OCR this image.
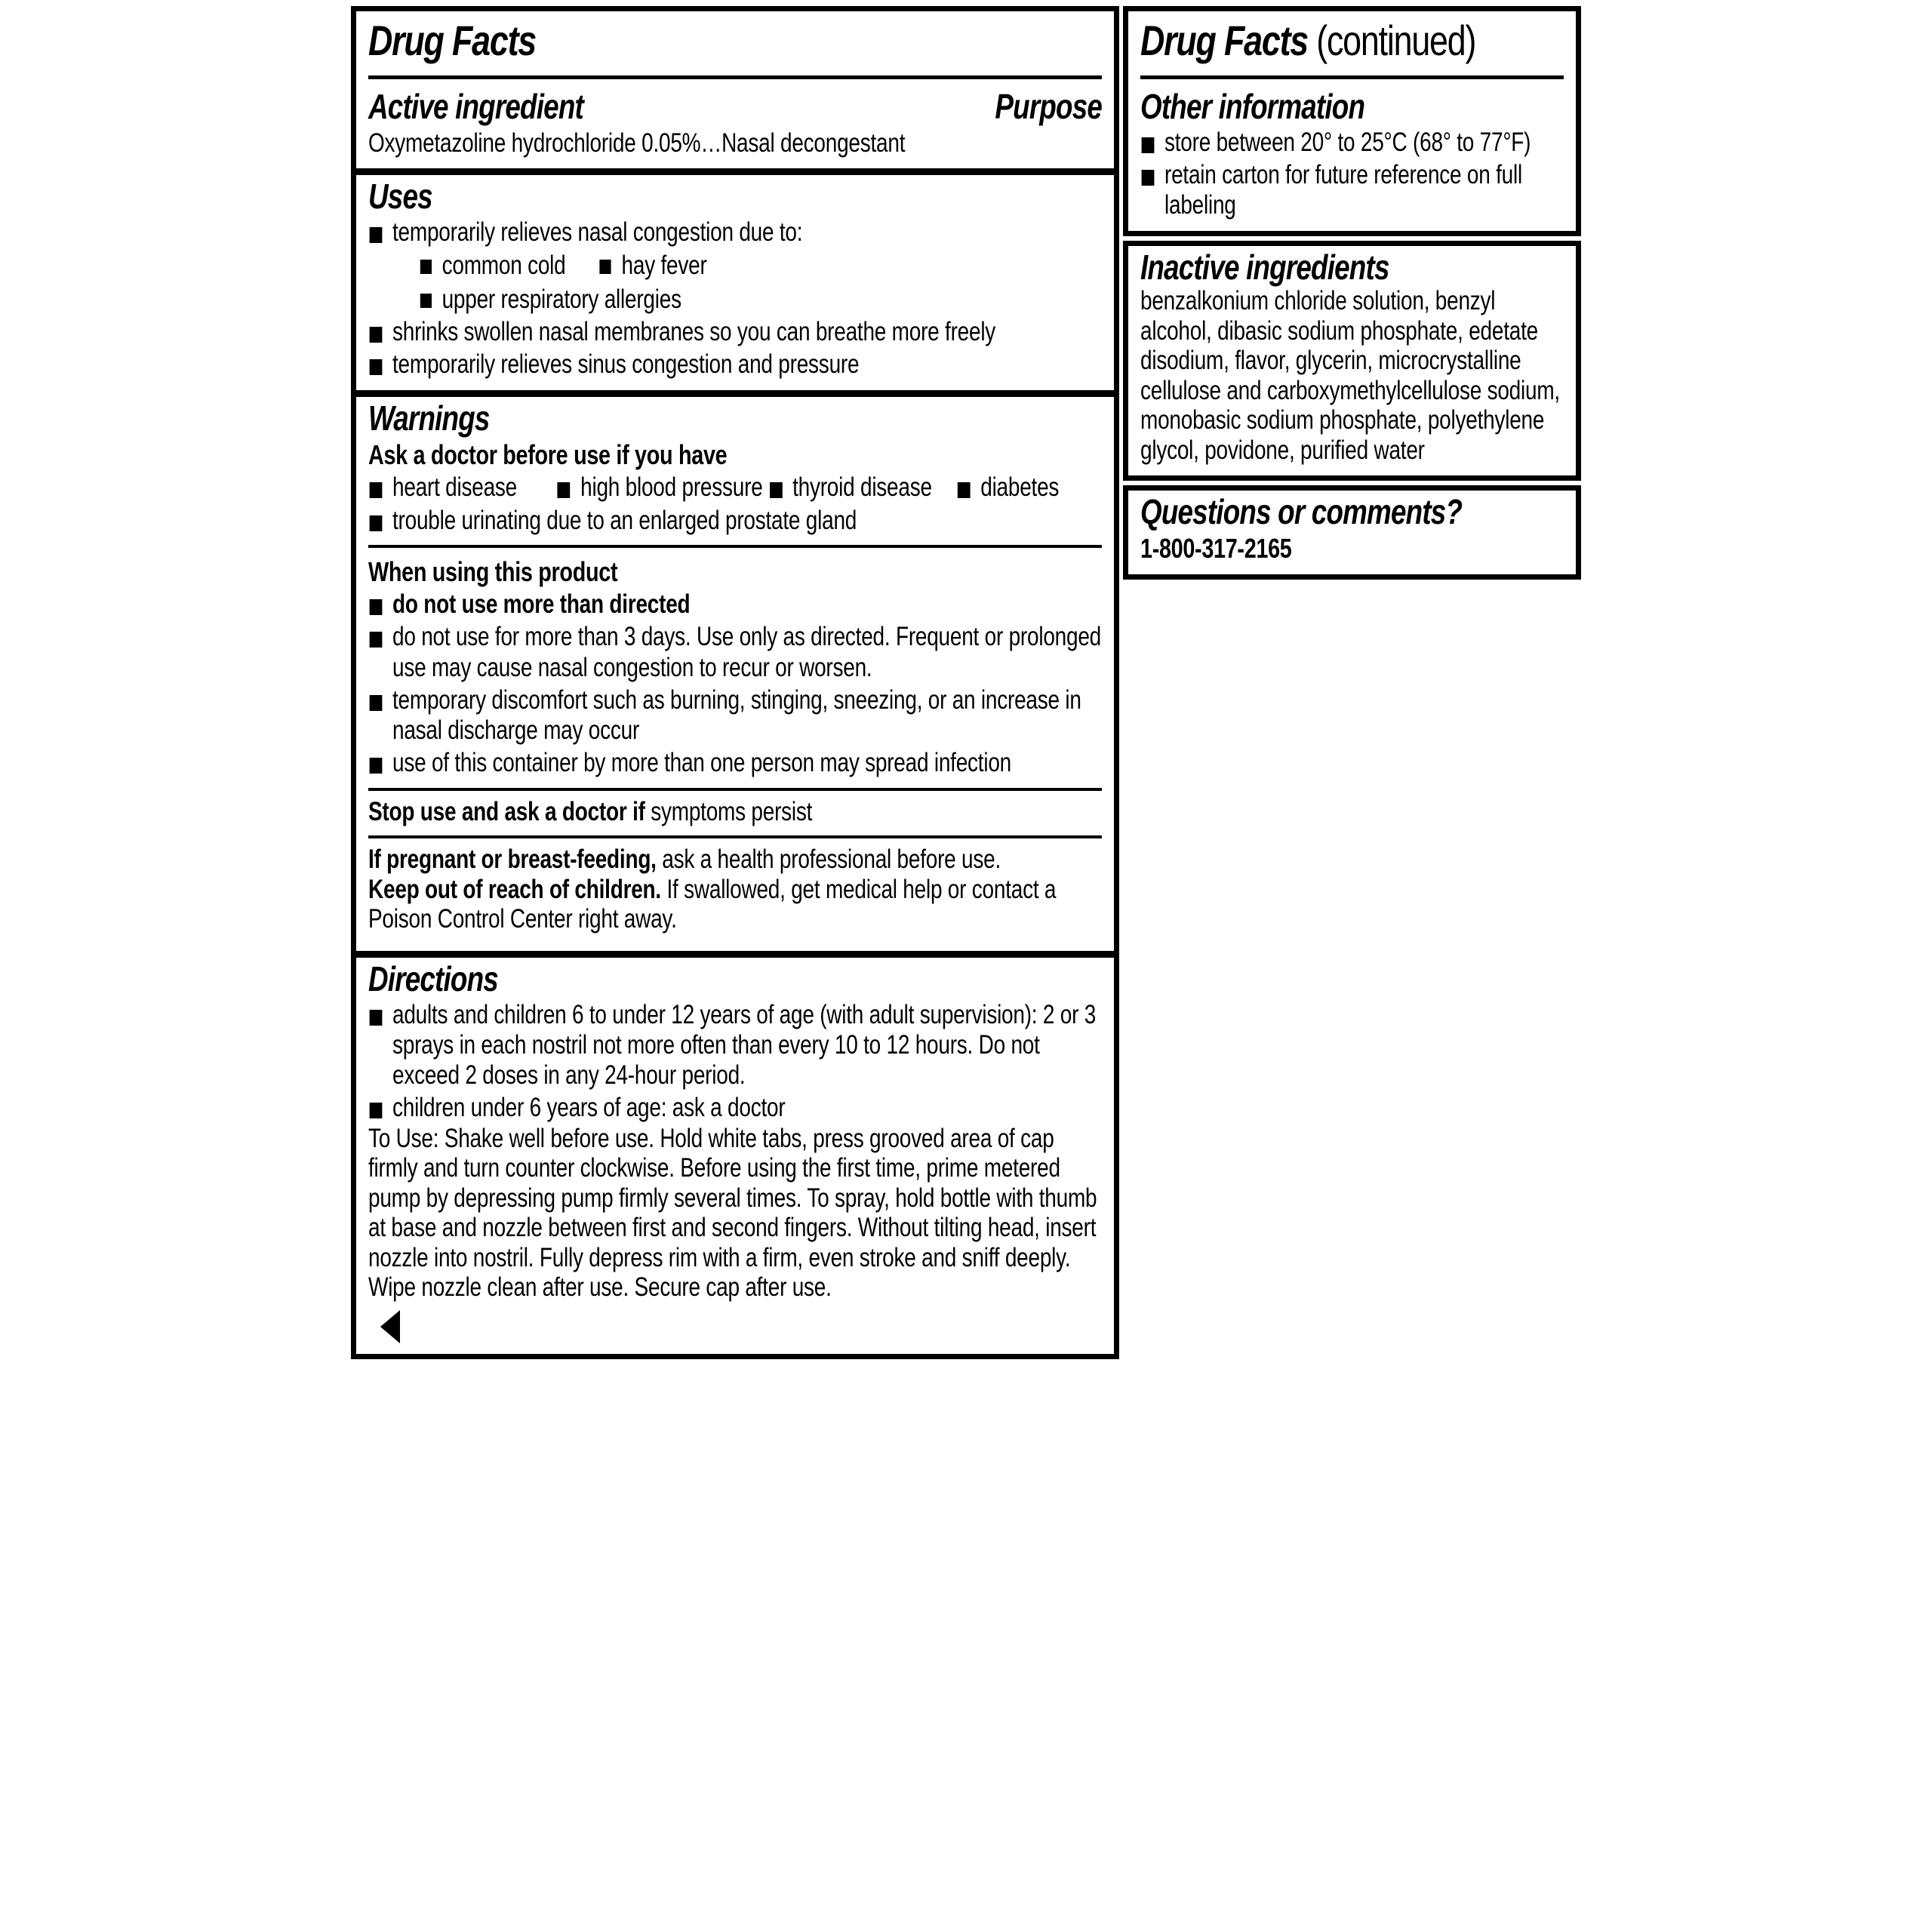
Drug Facts
Active ingredient	Purpose
Oxymetazoline hydrochloride 0.05%…Nasal decongestant
Uses
temporarily relieves nasal congestion due to:
common cold hay fever
upper respiratory allergies
shrinks swollen nasal membranes so you can breathe more freely
temporarily relieves sinus congestion and pressure
Warnings
Ask a doctor before use if you have
heart disease high blood pressure thyroid disease diabetes
trouble urinating due to an enlarged prostate gland
When using this product
do not use more than directed
do not use for more than 3 days. Use only as directed. Frequent or prolonged use may cause nasal congestion to recur or worsen.
temporary discomfort such as burning, stinging, sneezing, or an increase in nasal discharge may occur
use of this container by more than one person may spread infection
Stop use and ask a doctor if symptoms persist
If pregnant or breast-feeding, ask a health professional before use.
Keep out of reach of children. If swallowed, get medical help or contact a Poison Control Center right away.
Directions
adults and children 6 to under 12 years of age (with adult supervision): 2 or 3 sprays in each nostril not more often than every 10 to 12 hours. Do not exceed 2 doses in any 24-hour period.
children under 6 years of age: ask a doctor
To Use: Shake well before use. Hold white tabs, press grooved area of cap firmly and turn counter clockwise. Before using the first time, prime metered pump by depressing pump firmly several times. To spray, hold bottle with thumb at base and nozzle between first and second fingers. Without tilting head, insert nozzle into nostril. Fully depress rim with a firm, even stroke and sniff deeply. Wipe nozzle clean after use. Secure cap after use.
Drug Facts (continued)
Other information
store between 20° to 25°C (68° to 77°F)
retain carton for future reference on full labeling
Inactive ingredients
benzalkonium chloride solution, benzyl alcohol, dibasic sodium phosphate, edetate disodium, flavor, glycerin, microcrystalline cellulose and carboxymethylcellulose sodium, monobasic sodium phosphate, polyethylene glycol, povidone, purified water
Questions or comments?
1-800-317-2165
